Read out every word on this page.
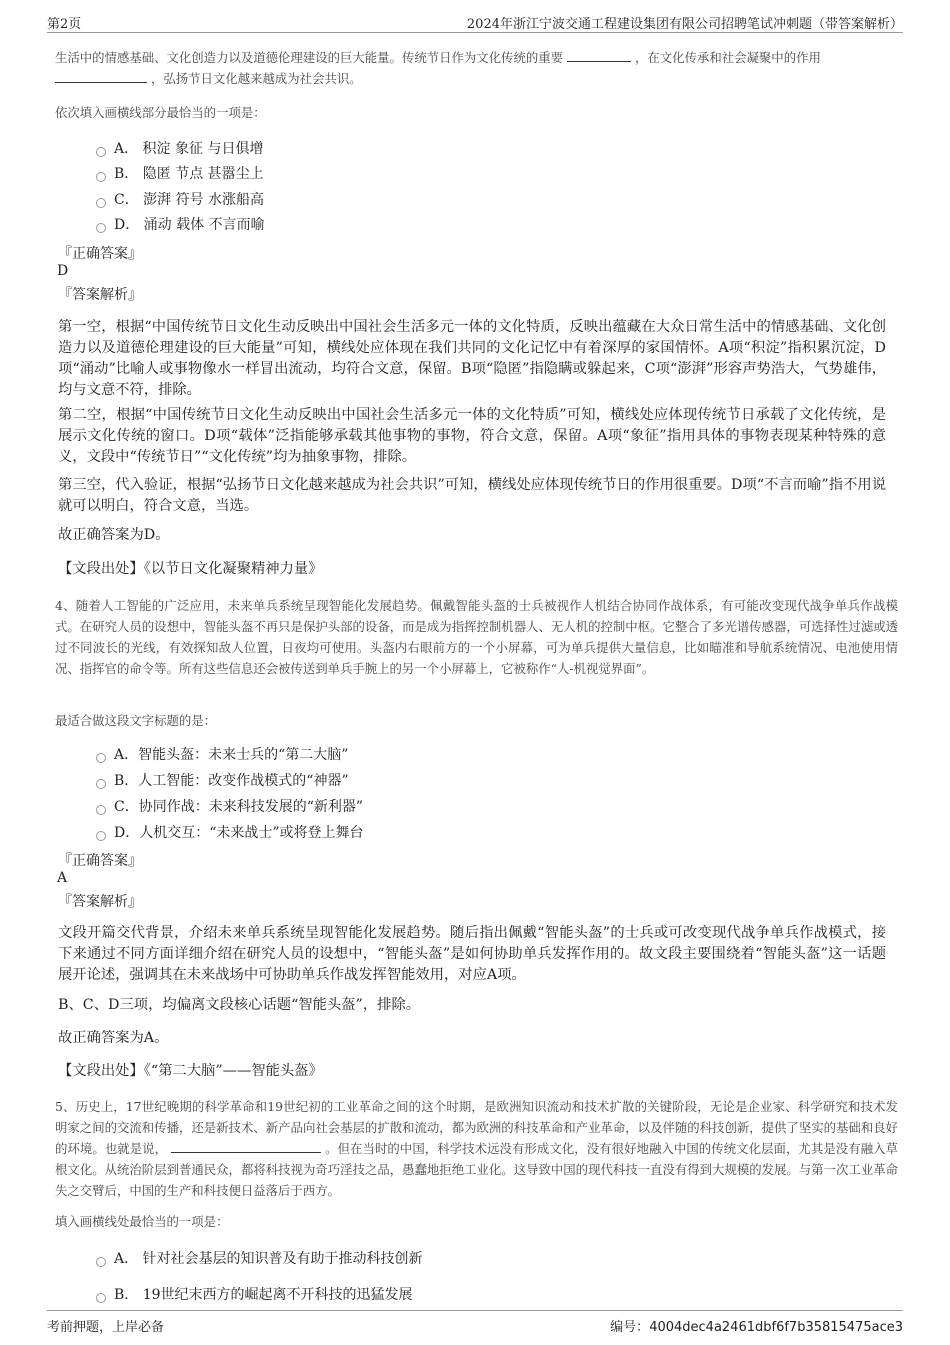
第2页	2024年浙江宁波交通工程建设集团有限公司招聘笔试冲刺题（带答案解析）

生活中的情感基础、文化创造力以及道德伦理建设的巨大能量。传统节日作为文化传统的重要	，在文化传承和社会凝聚中的作用
，弘扬节日文化越来越成为社会共识。

依次填入画横线部分最恰当的一项是：
A． 积淀 象征 与日俱增
B． 隐匿 节点 甚嚣尘上
C． 澎湃 符号 水涨船高
D． 涌动 载体 不言而喻
『正确答案』
D
『答案解析』

第一空，根据“中国传统节日文化生动反映出中国社会生活多元一体的文化特质，反映出蕴藏在大众日常生活中的情感基础、文化创造力以及道德伦理建设的巨大能量”可知，横线处应体现在我们共同的文化记忆中有着深厚的家国情怀。A项“积淀”指积累沉淀，D项“涌动”比喻人或事物像水一样冒出流动，均符合文意，保留。B项“隐匿”指隐瞒或躲起来，C项“澎湃”形容声势浩大，气势雄伟，均与文意不符，排除。

第二空，根据“中国传统节日文化生动反映出中国社会生活多元一体的文化特质”可知，横线处应体现传统节日承载了文化传统，是展示文化传统的窗口。D项“载体”泛指能够承载其他事物的事物，符合文意，保留。A项“象征”指用具体的事物表现某种特殊的意义，文段中“传统节日”“文化传统”均为抽象事物，排除。

第三空，代入验证，根据“弘扬节日文化越来越成为社会共识”可知，横线处应体现传统节日的作用很重要。D项“不言而喻”指不用说就可以明白，符合文意，当选。

故正确答案为D。

【文段出处】《以节日文化凝聚精神力量》

4、随着人工智能的广泛应用，未来单兵系统呈现智能化发展趋势。佩戴智能头盔的士兵被视作人机结合协同作战体系，有可能改变现代战争单兵作战模式。在研究人员的设想中，智能头盔不再只是保护头部的设备，而是成为指挥控制机器人、无人机的控制中枢。它整合了多光谱传感器，可选择性过滤或透过不同波长的光线，有效探知敌人位置，日夜均可使用。头盔内右眼前方的一个小屏幕，可为单兵提供大量信息，比如瞄准和导航系统情况、电池使用情况、指挥官的命令等。所有这些信息还会被传送到单兵手腕上的另一个小屏幕上，它被称作“人-机视觉界面”。

最适合做这段文字标题的是：
A．智能头盔：未来士兵的“第二大脑”
B．人工智能：改变作战模式的“神器”
C．协同作战：未来科技发展的“新利器”
D．人机交互：“未来战士”或将登上舞台
『正确答案』
A
『答案解析』

文段开篇交代背景，介绍未来单兵系统呈现智能化发展趋势。随后指出佩戴“智能头盔”的士兵或可改变现代战争单兵作战模式，接下来通过不同方面详细介绍在研究人员的设想中，“智能头盔”是如何协助单兵发挥作用的。故文段主要围绕着“智能头盔”这一话题展开论述，强调其在未来战场中可协助单兵作战发挥智能效用，对应A项。

B、C、D三项，均偏离文段核心话题“智能头盔”，排除。

故正确答案为A。

【文段出处】《“第二大脑”——智能头盔》

5、历史上，17世纪晚期的科学革命和19世纪初的工业革命之间的这个时期，是欧洲知识流动和技术扩散的关键阶段，无论是企业家、科学研究和技术发明家之间的交流和传播，还是新技术、新产品向社会基层的扩散和流动，都为欧洲的科技革命和产业革命，以及伴随的科技创新，提供了坚实的基础和良好的环境。也就是说，	。但在当时的中国，科学技术远没有形成文化，没有很好地融入中国的传统文化层面，尤其是没有融入草根文化。从统治阶层到普通民众，都将科技视为奇巧淫技之品，愚蠢地拒绝工业化。这导致中国的现代科技一直没有得到大规模的发展。与第一次工业革命失之交臂后，中国的生产和科技便日益落后于西方。

填入画横线处最恰当的一项是：
A． 针对社会基层的知识普及有助于推动科技创新
B． 19世纪末西方的崛起离不开科技的迅猛发展
考前押题，上岸必备	编号：4004dec4a2461dbf6f7b35815475ace3
